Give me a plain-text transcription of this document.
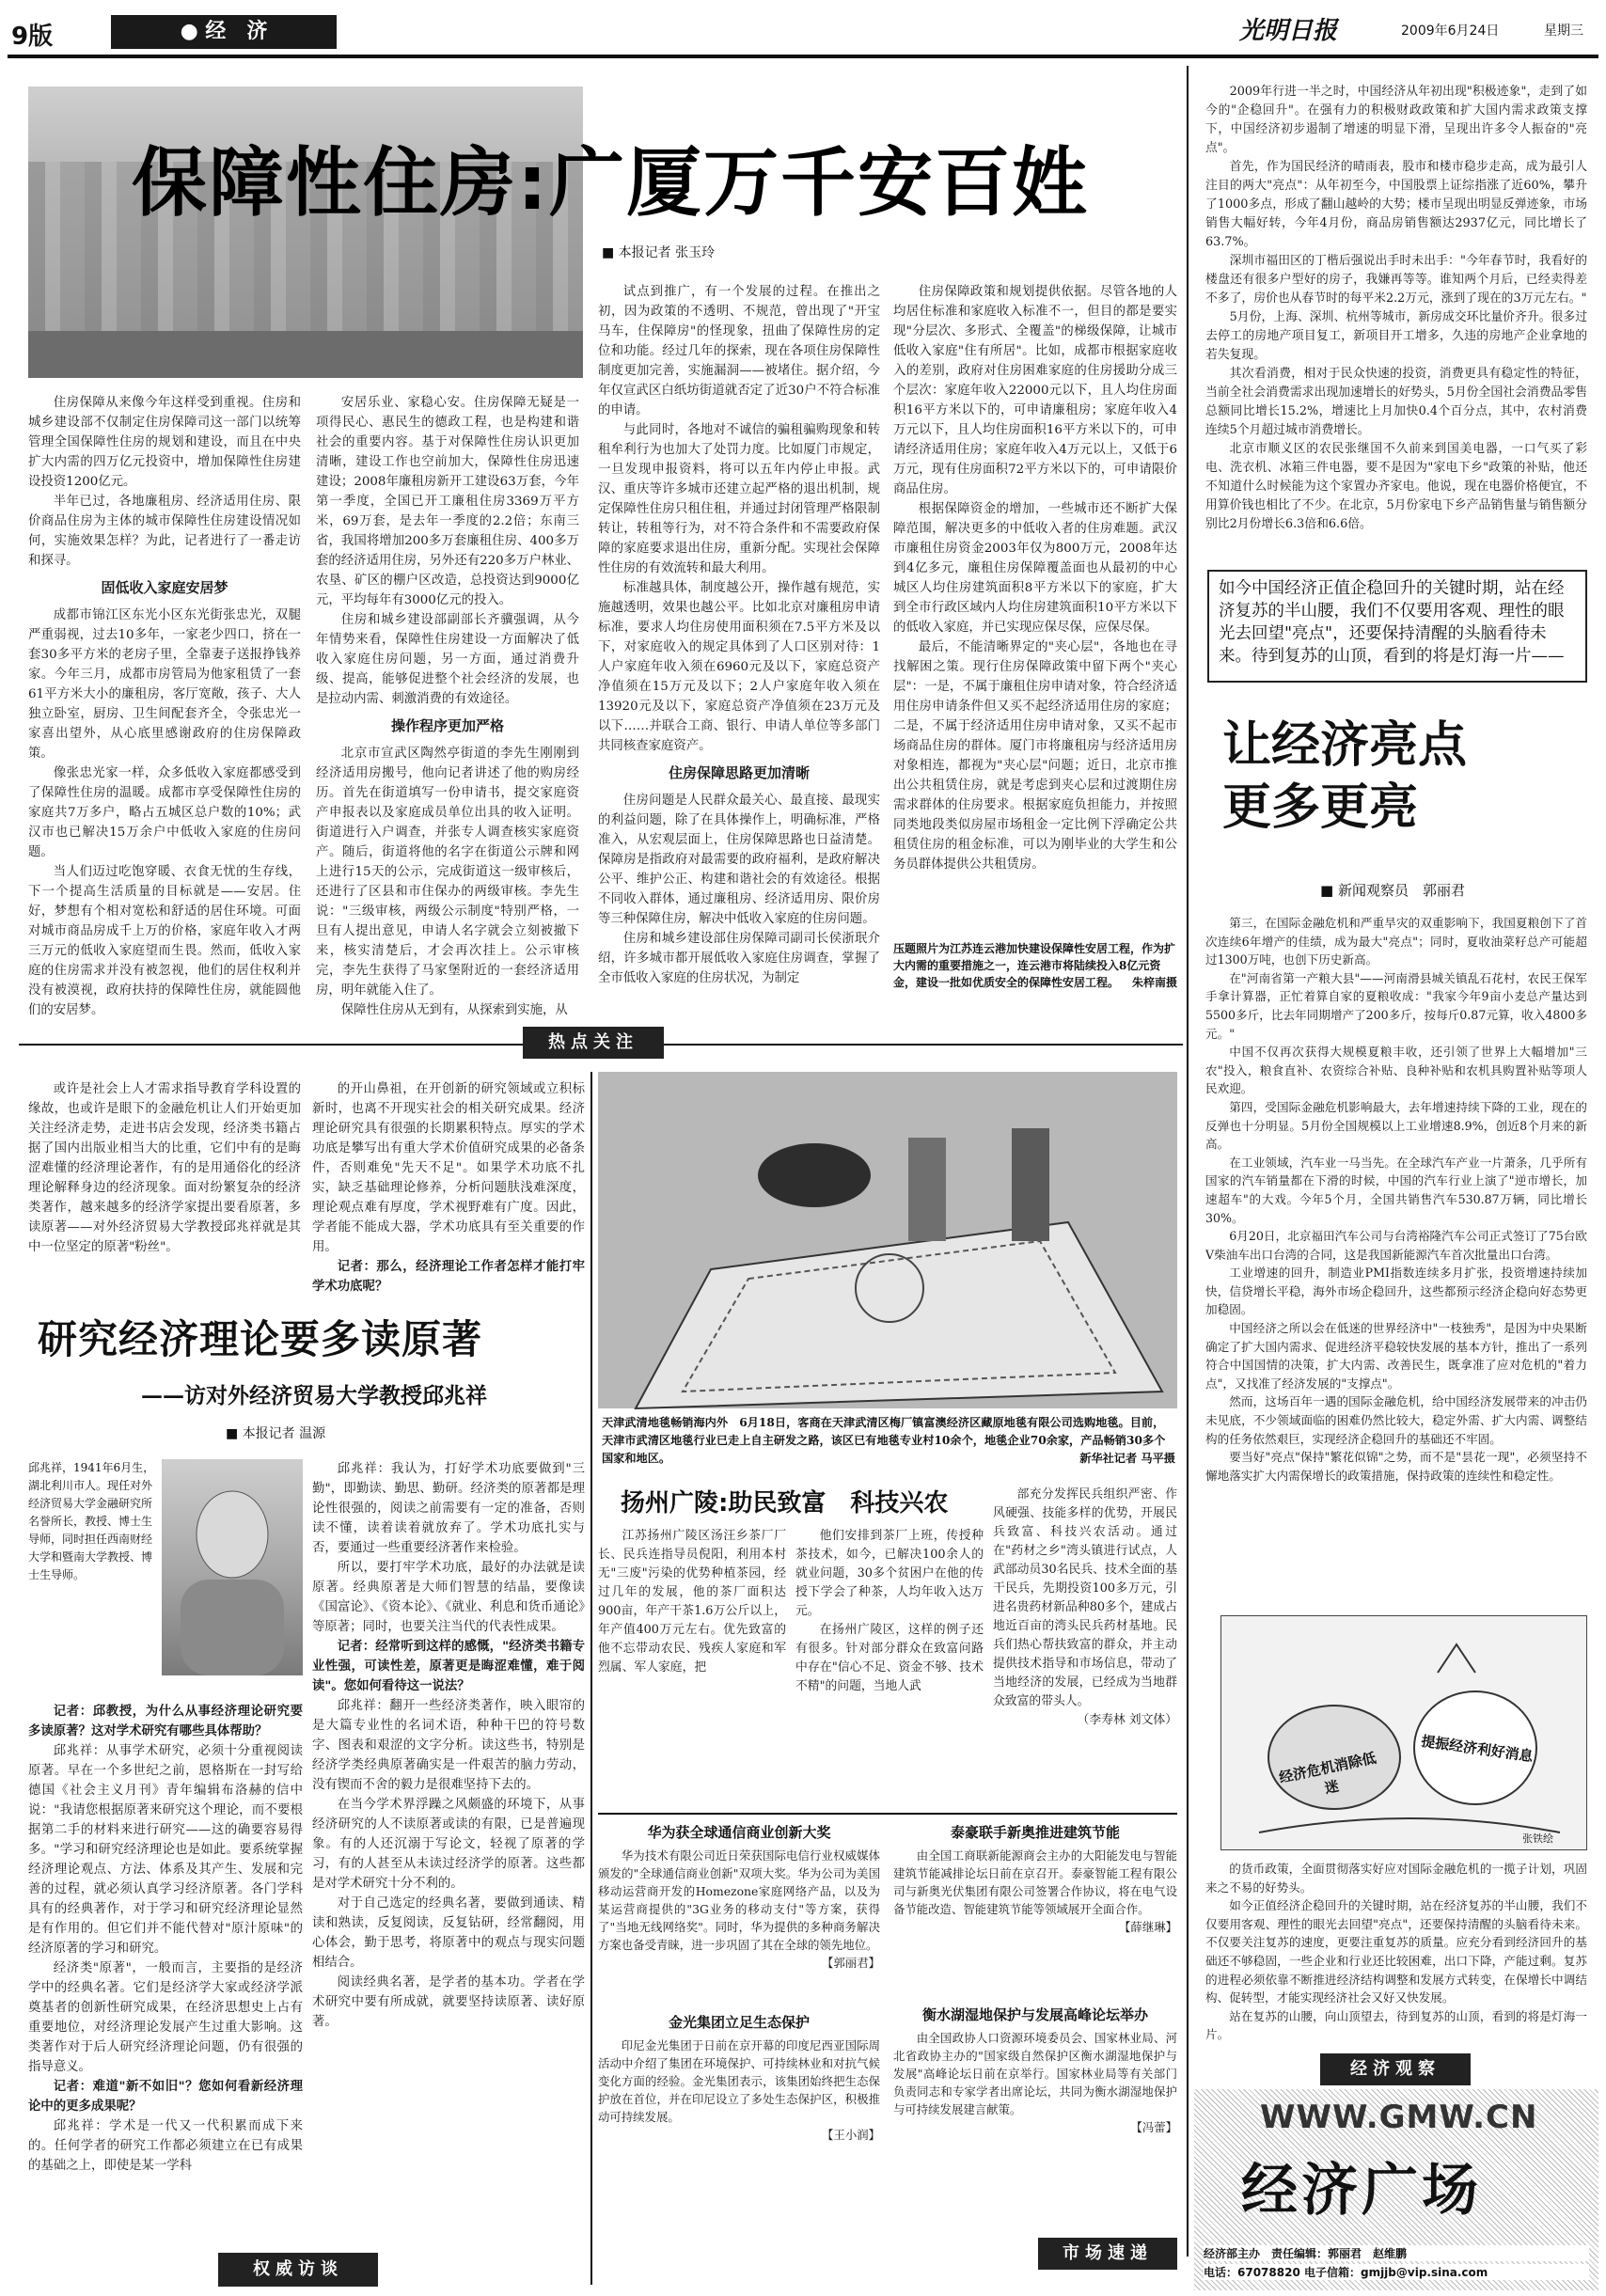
9版	● 经　济	光明日报	2009年6月24日	星期三
保障性住房:广厦万千安百姓
■ 本报记者 张玉玲

住房保障从来像今年这样受到重视。住房和城乡建设部不仅制定住房保障司这一部门以统筹管理全国保障性住房的规划和建设，而且在中央扩大内需的四万亿元投资中，增加保障性住房建设投资1200亿元。

半年已过，各地廉租房、经济适用住房、限价商品住房为主体的城市保障性住房建设情况如何，实施效果怎样？为此，记者进行了一番走访和探寻。

固低收入家庭安居梦

成都市锦江区东光小区东光街张忠光，双腿严重弱视，过去10多年，一家老少四口，挤在一套30多平方米的老房子里，全靠妻子送报挣钱养家。今年三月，成都市房管局为他家租赁了一套61平方米大小的廉租房，客厅宽敞，孩子、大人独立卧室，厨房、卫生间配套齐全，令张忠光一家喜出望外，从心底里感谢政府的住房保障政策。

像张忠光家一样，众多低收入家庭都感受到了保障性住房的温暖。成都市享受保障性住房的家庭共7万多户，略占五城区总户数的10%；武汉市也已解决15万余户中低收入家庭的住房问题。

当人们迈过吃饱穿暖、衣食无忧的生存线，下一个提高生活质量的目标就是——安居。住好，梦想有个相对宽松和舒适的居住环境。可面对城市商品房成千上万的价格，家庭年收入才两三万元的低收入家庭望而生畏。然而，低收入家庭的住房需求并没有被忽视，他们的居住权利并没有被漠视，政府扶持的保障性住房，就能圆他们的安居梦。

安居乐业、家稳心安。住房保障无疑是一项得民心、惠民生的德政工程，也是构建和谐社会的重要内容。基于对保障性住房认识更加清晰，建设工作也空前加大，保障性住房迅速建设；2008年廉租房新开工建设63万套，今年第一季度，全国已开工廉租住房3369万平方米，69万套，是去年一季度的2.2倍；东南三省，我国将增加200多万套廉租住房、400多万套的经济适用住房，另外还有220多万户林业、农垦、矿区的棚户区改造，总投资达到9000亿元，平均每年有3000亿元的投入。

住房和城乡建设部副部长齐骥强调，从今年情势来看，保障性住房建设一方面解决了低收入家庭住房问题，另一方面，通过消费升级、提高，能够促进整个社会经济的发展，也是拉动内需、刺激消费的有效途径。

操作程序更加严格

北京市宣武区陶然亭街道的李先生刚刚到经济适用房搬号，他向记者讲述了他的购房经历。首先在街道填写一份申请书，提交家庭资产申报表以及家庭成员单位出具的收入证明。街道进行入户调查，并张专人调查核实家庭资产。随后，街道将他的名字在街道公示牌和网上进行15天的公示，完成街道这一级审核后，还进行了区县和市住保办的两级审核。李先生说："三级审核，两级公示制度"特别严格，一旦有人提出意见，申请人名字就会立刻被撤下来，核实清楚后，才会再次挂上。公示审核完，李先生获得了马家堡附近的一套经济适用房，明年就能入住了。

保障性住房从无到有，从探索到实施，从

试点到推广，有一个发展的过程。在推出之初，因为政策的不透明、不规范，曾出现了"开宝马车，住保障房"的怪现象，扭曲了保障性房的定位和功能。经过几年的探索，现在各项住房保障性制度更加完善，实施漏洞——被堵住。据介绍，今年仅宣武区白纸坊街道就否定了近30户不符合标准的申请。

与此同时，各地对不诚信的骗租骗购现象和转租牟利行为也加大了处罚力度。比如厦门市规定，一旦发现申报资料，将可以五年内停止申报。武汉、重庆等许多城市还建立起严格的退出机制，规定保障性住房只租住租，并通过封闭管理严格限制转让，转租等行为，对不符合条件和不需要政府保障的家庭要求退出住房，重新分配。实现社会保障性住房的有效流转和最大利用。

标准越具体，制度越公开，操作越有规范，实施越透明，效果也越公平。比如北京对廉租房申请标准，要求人均住房使用面积须在7.5平方米及以下，对家庭收入的规定具体到了人口区别对待：1人户家庭年收入须在6960元及以下，家庭总资产净值须在15万元及以下；2人户家庭年收入须在13920元及以下，家庭总资产净值须在23万元及以下……并联合工商、银行、申请人单位等多部门共同核查家庭资产。

住房保障思路更加清晰

住房问题是人民群众最关心、最直接、最现实的利益问题，除了在具体操作上，明确标准，严格准入，从宏观层面上，住房保障思路也日益清楚。保障房是指政府对最需要的政府福利，是政府解决公平、维护公正、构建和谐社会的有效途径。根据不同收入群体，通过廉租房、经济适用房、限价房等三种保障住房，解决中低收入家庭的住房问题。

住房和城乡建设部住房保障司副司长侯浙珉介绍，许多城市都开展低收入家庭住房调查，掌握了全市低收入家庭的住房状况，为制定

住房保障政策和规划提供依据。尽管各地的人均居住标准和家庭收入标准不一，但目的都是要实现"分层次、多形式、全覆盖"的梯级保障，让城市低收入家庭"住有所居"。比如，成都市根据家庭收入的差别，政府对住房困难家庭的住房援助分成三个层次：家庭年收入22000元以下，且人均住房面积16平方米以下的，可申请廉租房；家庭年收入4万元以下，且人均住房面积16平方米以下的，可申请经济适用住房；家庭年收入4万元以上，又低于6万元，现有住房面积72平方米以下的，可申请限价商品住房。

根据保障资金的增加，一些城市还不断扩大保障范围，解决更多的中低收入者的住房难题。武汉市廉租住房资金2003年仅为800万元，2008年达到4亿多元，廉租住房保障覆盖面也从最初的中心城区人均住房建筑面积8平方米以下的家庭，扩大到全市行政区域内人均住房建筑面积10平方米以下的低收入家庭，并已实现应保尽保，应保尽保。

最后，不能清晰界定的"夹心层"，各地也在寻找解困之策。现行住房保障政策中留下两个"夹心层"：一是，不属于廉租住房申请对象，符合经济适用住房申请条件但又买不起经济适用住房的家庭；二是，不属于经济适用住房申请对象，又买不起市场商品住房的群体。厦门市将廉租房与经济适用房对象相连，都视为"夹心层"问题；近日，北京市推出公共租赁住房，就是考虑到夹心层和过渡期住房需求群体的住房要求。根据家庭负担能力，并按照同类地段类似房屋市场租金一定比例下浮确定公共租赁住房的租金标准，可以为刚毕业的大学生和公务员群体提供公共租赁房。

压题照片为江苏连云港加快建设保障性安居工程，作为扩大内需的重要措施之一，连云港市将陆续投入8亿元资金，建设一批如优质安全的保障性安居工程。 朱梓南摄
热点关注

2009年行进一半之时，中国经济从年初出现"积极迹象"，走到了如今的"企稳回升"。在强有力的积极财政政策和扩大国内需求政策支撑下，中国经济初步遏制了增速的明显下滑，呈现出许多令人振奋的"亮点"。

首先，作为国民经济的晴雨表，股市和楼市稳步走高，成为最引人注目的两大"亮点"：从年初至今，中国股票上证综指涨了近60%，攀升了1000多点，形成了翻山越岭的大势；楼市呈现出明显反弹迹象，市场销售大幅好转，今年4月份，商品房销售额达2937亿元，同比增长了63.7%。

深圳市福田区的丁楷后强说出手时未出手："今年春节时，我看好的楼盘还有很多户型好的房子，我嫌再等等。谁知两个月后，已经卖得差不多了，房价也从春节时的每平米2.2万元，涨到了现在的3万元左右。"

5月份，上海、深圳、杭州等城市，新房成交环比量价齐升。很多过去停工的房地产项目复工，新项目开工增多，久违的房地产企业拿地的若失复现。

其次看消费，相对于民众快速的投资，消费更具有稳定性的特征，当前全社会消费需求出现加速增长的好势头，5月份全国社会消费品零售总额同比增长15.2%，增速比上月加快0.4个百分点，其中，农村消费连续5个月超过城市消费增长。

北京市顺义区的农民张继国不久前来到国美电器，一口气买了彩电、洗衣机、冰箱三件电器，要不是因为"家电下乡"政策的补贴，他还不知道什么时候能为这个家置办齐家电。他说，现在电器价格便宜，不用算价钱也相比了不少。在北京，5月份家电下乡产品销售量与销售额分别比2月份增长6.3倍和6.6倍。

如今中国经济正值企稳回升的关键时期，站在经济复苏的半山腰，我们不仅要用客观、理性的眼光去回望"亮点"，还要保持清醒的头脑看待未来。待到复苏的山顶，看到的将是灯海一片——
让经济亮点
更多更亮
■ 新闻观察员　郭丽君

第三，在国际金融危机和严重旱灾的双重影响下，我国夏粮创下了首次连续6年增产的佳绩，成为最大"亮点"；同时，夏收油菜籽总产可能超过1300万吨，也创下历史新高。

在"河南省第一产粮大县"——河南滑县城关镇乱石花村，农民王保军手拿计算器，正忙着算自家的夏粮收成："我家今年9亩小麦总产量达到5500多斤，比去年同期增产了200多斤，按每斤0.87元算，收入4800多元。"

中国不仅再次获得大规模夏粮丰收，还引领了世界上大幅增加"三农"投入，粮食直补、农资综合补贴、良种补贴和农机具购置补贴等项人民欢迎。

第四，受国际金融危机影响最大，去年增速持续下降的工业，现在的反弹也十分明显。5月份全国规模以上工业增速8.9%，创近8个月来的新高。

在工业领域，汽车业一马当先。在全球汽车产业一片萧条，几乎所有国家的汽车销量都在下滑的时候，中国的汽车行业上演了"逆市增长，加速超车"的大戏。今年5个月，全国共销售汽车530.87万辆，同比增长30%。

6月20日，北京福田汽车公司与台湾裕隆汽车公司正式签订了75台欧V柴油车出口台湾的合同，这是我国新能源汽车首次批量出口台湾。

工业增速的回升，制造业PMI指数连续多月扩张，投资增速持续加快，信贷增长平稳，海外市场企稳回升，这些都预示经济企稳向好态势更加稳固。

中国经济之所以会在低迷的世界经济中"一枝独秀"，是因为中央果断确定了扩大国内需求、促进经济平稳较快发展的基本方针，推出了一系列符合中国国情的决策，扩大内需、改善民生，既拿准了应对危机的"着力点"，又找准了经济发展的"支撑点"。

然而，这场百年一遇的国际金融危机，给中国经济发展带来的冲击仍未见底，不少领域面临的困难仍然比较大，稳定外需、扩大内需、调整结构的任务依然艰巨，实现经济企稳回升的基础还不牢固。

要当好"亮点"保持"繁花似锦"之势，而不是"昙花一现"，必须坚持不懈地落实扩大内需保增长的政策措施，保持政策的连续性和稳定性。

经济危机消除低迷
提振经济利好消息
张铁绘

的货币政策，全面贯彻落实好应对国际金融危机的一揽子计划，巩固来之不易的好势头。

如今正值经济企稳回升的关键时期，站在经济复苏的半山腰，我们不仅要用客观、理性的眼光去回望"亮点"，还要保持清醒的头脑看待未来。不仅要关注复苏的速度，更要注重复苏的质量。应充分看到经济回升的基础还不够稳固，一些企业和行业还比较困难，出口下降，产能过剩。复苏的进程必须依靠不断推进经济结构调整和发展方式转变，在保增长中调结构、促转型，才能实现经济社会又好又快发展。

站在复苏的山腰，向山顶望去，待到复苏的山顶，看到的将是灯海一片。

经济观察
WWW.GMW.CN
经济广场
经济部主办　责任编辑：郭丽君　赵维鹏
电话：67078820 电子信箱：gmjjb@vip.sina.com

或许是社会上人才需求指导教育学科设置的缘故，也或许是眼下的金融危机让人们开始更加关注经济走势，走进书店会发现，经济类书籍占据了国内出版业相当大的比重，它们中有的是晦涩难懂的经济理论著作，有的是用通俗化的经济理论解释身边的经济现象。面对纷繁复杂的经济类著作，越来越多的经济学家提出要看原著，多读原著——对外经济贸易大学教授邱兆祥就是其中一位坚定的原著"粉丝"。

的开山鼻祖，在开创新的研究领域或立积标新时，也离不开现实社会的相关研究成果。经济理论研究具有很强的长期累积特点。厚实的学术功底是攀写出有重大学术价值研究成果的必备条件，否则难免"先天不足"。如果学术功底不扎实，缺乏基础理论修养，分析问题肤浅难深度，理论观点难有厚度，学术视野难有广度。因此，学者能不能成大器，学术功底具有至关重要的作用。

记者：那么，经济理论工作者怎样才能打牢学术功底呢？

研究经济理论要多读原著
——访对外经济贸易大学教授邱兆祥
■ 本报记者 温源
邱兆祥，1941年6月生，湖北利川市人。现任对外经济贸易大学金融研究所名誉所长，教授、博士生导师，同时担任西南财经大学和暨南大学教授、博士生导师。

记者：邱教授，为什么从事经济理论研究要多读原著？这对学术研究有哪些具体帮助？

邱兆祥：从事学术研究，必须十分重视阅读原著。早在一个多世纪之前，恩格斯在一封写给德国《社会主义月刊》青年编辑布洛赫的信中说："我请您根据原著来研究这个理论，而不要根据第二手的材料来进行研究——这的确要容易得多。"学习和研究经济理论也是如此。要系统掌握经济理论观点、方法、体系及其产生、发展和完善的过程，就必须认真学习经济原著。各门学科具有的经典著作，对于学习和研究经济理论显然是有作用的。但它们并不能代替对"原汁原味"的经济原著的学习和研究。

经济类"原著"，一般而言，主要指的是经济学中的经典名著。它们是经济学大家或经济学派奠基者的创新性研究成果，在经济思想史上占有重要地位，对经济理论发展产生过重大影响。这类著作对于后人研究经济理论问题，仍有很强的指导意义。

记者：难道"新不如旧"？您如何看新经济理论中的更多成果呢？

邱兆祥：学术是一代又一代积累而成下来的。任何学者的研究工作都必须建立在已有成果的基础之上，即使是某一学科

邱兆祥：我认为，打好学术功底要做到"三勤"，即勤读、勤思、勤研。经济类的原著都是理论性很强的，阅读之前需要有一定的准备，否则读不懂，读着读着就放弃了。学术功底扎实与否，要通过一些重要经济著作来检验。

所以，要打牢学术功底，最好的办法就是读原著。经典原著是大师们智慧的结晶，要像读《国富论》、《资本论》、《就业、利息和货币通论》等原著；同时，也要关注当代的代表性成果。

记者：经常听到这样的感慨，"经济类书籍专业性强，可读性差，原著更是晦涩难懂，难于阅读"。您如何看待这一说法？

邱兆祥：翻开一些经济类著作，映入眼帘的是大篇专业性的名词术语，种种干巴的符号数字、图表和艰涩的文字分析。读这些书，特别是经济学类经典原著确实是一件艰苦的脑力劳动，没有锲而不舍的毅力是很难坚持下去的。

在当今学术界浮躁之风颇盛的环境下，从事经济研究的人不读原著或读的有限，已是普遍现象。有的人还沉溺于写论文，轻视了原著的学习，有的人甚至从未读过经济学的原著。这些都是对学术研究十分不利的。

对于自己选定的经典名著，要做到通读、精读和熟读，反复阅读，反复钻研，经常翻阅，用心体会，勤于思考，将原著中的观点与现实问题相结合。

阅读经典名著，是学者的基本功。学者在学术研究中要有所成就，就要坚持读原著、读好原著。

权威访谈
天津武清地毯畅销海内外　6月18日，客商在天津武清区梅厂镇富澳经济区藏原地毯有限公司选购地毯。目前，天津市武清区地毯行业已走上自主研发之路，该区已有地毯专业村10余个，地毯企业70余家，产品畅销30多个国家和地区。	新华社记者 马平摄
扬州广陵:助民致富　科技兴农

江苏扬州广陵区汤汪乡茶厂厂长、民兵连指导员倪阳，利用本村无"三废"污染的优势种植茶园，经过几年的发展，他的茶厂面积达900亩，年产干茶1.6万公斤以上，年产值400万元左右。优先致富的他不忘带动农民、残疾人家庭和军烈属、军人家庭，把

他们安排到茶厂上班，传授种茶技术，如今，已解决100余人的就业问题，30多个贫困户在他的传授下学会了种茶，人均年收入达万元。

在扬州广陵区，这样的例子还有很多。针对部分群众在致富问路中存在"信心不足、资金不够、技术不精"的问题，当地人武

部充分发挥民兵组织严密、作风硬强、技能多样的优势，开展民兵致富、科技兴农活动。通过在"药材之乡"湾头镇进行试点，人武部动员30名民兵、技术全面的基干民兵，先期投资100多万元，引进名贵药材新品种80多个，建成占地近百亩的湾头民兵药材基地。民兵们热心帮扶致富的群众，并主动提供技术指导和市场信息，带动了当地经济的发展，已经成为当地群众致富的带头人。

（李寿林 刘文体）

华为获全球通信商业创新大奖

华为技术有限公司近日荣获国际电信行业权威媒体颁发的"全球通信商业创新"双项大奖。华为公司为美国移动运营商开发的Homezone家庭网络产品，以及为某运营商提供的"3G业务的移动支付"等方案，获得了"当地无线网络奖"。同时，华为提供的多种商务解决方案也备受青睐，进一步巩固了其在全球的领先地位。

【郭丽君】
金光集团立足生态保护

印尼金光集团于日前在京开幕的印度尼西亚国际周活动中介绍了集团在环境保护、可持续林业和对抗气候变化方面的经验。金光集团表示，该集团始终把生态保护放在首位，并在印尼设立了多处生态保护区，积极推动可持续发展。

【王小润】
泰豪联手新奥推进建筑节能

由全国工商联新能源商会主办的大阳能发电与智能建筑节能减排论坛日前在京召开。泰豪智能工程有限公司与新奥光伏集团有限公司签署合作协议，将在电气设备节能改造、智能建筑节能等领域展开全面合作。

【薛继琳】
衡水湖湿地保护与发展高峰论坛举办

由全国政协人口资源环境委员会、国家林业局、河北省政协主办的"国家级自然保护区衡水湖湿地保护与发展"高峰论坛日前在京举行。国家林业局等有关部门负责同志和专家学者出席论坛，共同为衡水湖湿地保护与可持续发展建言献策。

【冯蕾】
市场速递
